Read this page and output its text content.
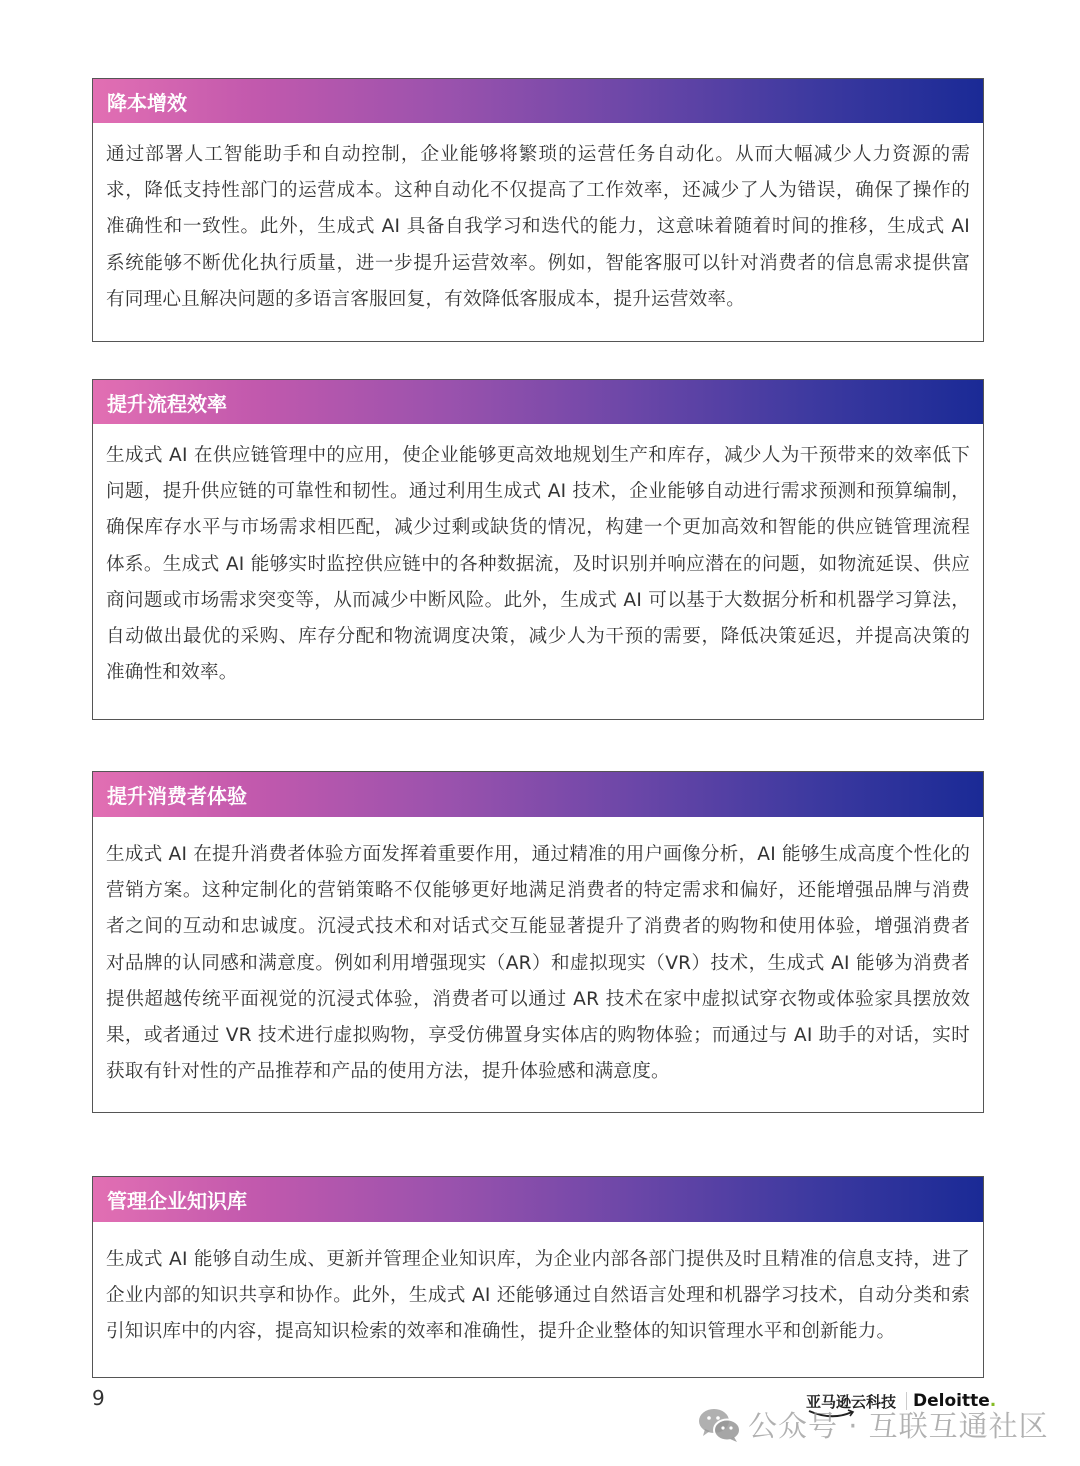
降本增效
通过部署人工智能助手和自动控制，企业能够将繁琐的运营任务自动化。从而大幅减少人力资源的需求，降低支持性部门的运营成本。这种自动化不仅提高了工作效率，还减少了人为错误，确保了操作的准确性和一致性。此外，生成式 AI 具备自我学习和迭代的能力，这意味着随着时间的推移，生成式 AI 系统能够不断优化执行质量，进一步提升运营效率。例如，智能客服可以针对消费者的信息需求提供富有同理心且解决问题的多语言客服回复，有效降低客服成本，提升运营效率。
提升流程效率
生成式 AI 在供应链管理中的应用，使企业能够更高效地规划生产和库存，减少人为干预带来的效率低下问题，提升供应链的可靠性和韧性。通过利用生成式 AI 技术，企业能够自动进行需求预测和预算编制，确保库存水平与市场需求相匹配，减少过剩或缺货的情况，构建一个更加高效和智能的供应链管理流程体系。生成式 AI 能够实时监控供应链中的各种数据流，及时识别并响应潜在的问题，如物流延误、供应商问题或市场需求突变等，从而减少中断风险。此外，生成式 AI 可以基于大数据分析和机器学习算法，自动做出最优的采购、库存分配和物流调度决策，减少人为干预的需要，降低决策延迟，并提高决策的准确性和效率。
提升消费者体验
生成式 AI 在提升消费者体验方面发挥着重要作用，通过精准的用户画像分析，AI 能够生成高度个性化的营销方案。这种定制化的营销策略不仅能够更好地满足消费者的特定需求和偏好，还能增强品牌与消费者之间的互动和忠诚度。沉浸式技术和对话式交互能显著提升了消费者的购物和使用体验，增强消费者对品牌的认同感和满意度。例如利用增强现实（AR）和虚拟现实（VR）技术，生成式 AI 能够为消费者提供超越传统平面视觉的沉浸式体验，消费者可以通过 AR 技术在家中虚拟试穿衣物或体验家具摆放效果，或者通过 VR 技术进行虚拟购物，享受仿佛置身实体店的购物体验；而通过与 AI 助手的对话，实时获取有针对性的产品推荐和产品的使用方法，提升体验感和满意度。
管理企业知识库
生成式 AI 能够自动生成、更新并管理企业知识库，为企业内部各部门提供及时且精准的信息支持，进了企业内部的知识共享和协作。此外，生成式 AI 还能够通过自然语言处理和机器学习技术，自动分类和索引知识库中的内容，提高知识检索的效率和准确性，提升企业整体的知识管理水平和创新能力。
9	亚马逊云科技	Deloitte.
公众号 · 互联互通社区
